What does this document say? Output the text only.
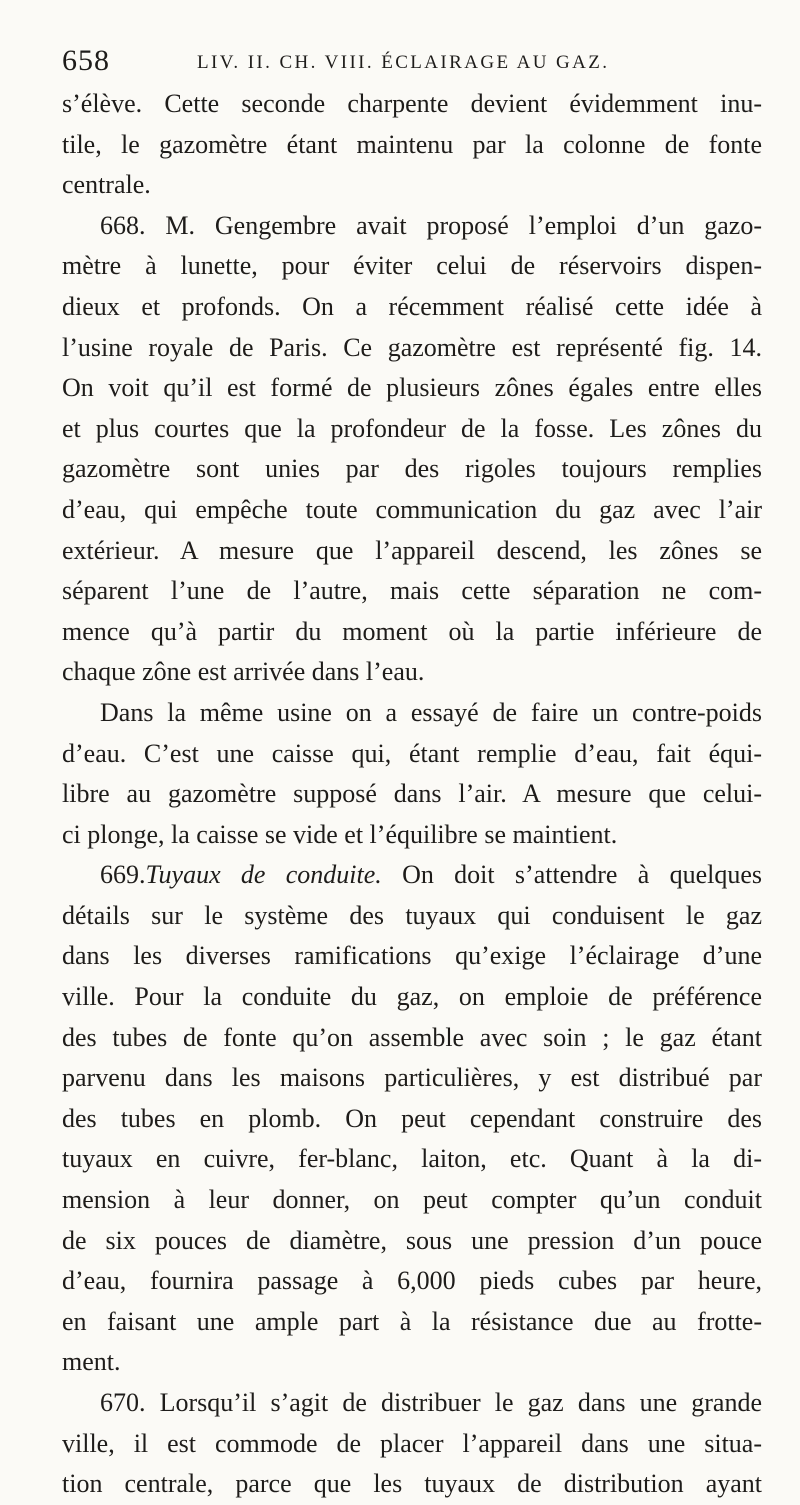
658	LIV. II. CH. VIII. ÉCLAIRAGE AU GAZ.
s’élève. Cette seconde charpente devient évidemment inu-
tile, le gazomètre étant maintenu par la colonne de fonte
centrale.
668. M. Gengembre avait proposé l’emploi d’un gazo-
mètre à lunette, pour éviter celui de réservoirs dispen-
dieux et profonds. On a récemment réalisé cette idée à
l’usine royale de Paris. Ce gazomètre est représenté fig. 14.
On voit qu’il est formé de plusieurs zônes égales entre elles
et plus courtes que la profondeur de la fosse. Les zônes du
gazomètre sont unies par des rigoles toujours remplies
d’eau, qui empêche toute communication du gaz avec l’air
extérieur. A mesure que l’appareil descend, les zônes se
séparent l’une de l’autre, mais cette séparation ne com-
mence qu’à partir du moment où la partie inférieure de
chaque zône est arrivée dans l’eau.
Dans la même usine on a essayé de faire un contre-poids
d’eau. C’est une caisse qui, étant remplie d’eau, fait équi-
libre au gazomètre supposé dans l’air. A mesure que celui-
ci plonge, la caisse se vide et l’équilibre se maintient.
669.Tuyaux de conduite. On doit s’attendre à quelques
détails sur le système des tuyaux qui conduisent le gaz
dans les diverses ramifications qu’exige l’éclairage d’une
ville. Pour la conduite du gaz, on emploie de préférence
des tubes de fonte qu’on assemble avec soin ; le gaz étant
parvenu dans les maisons particulières, y est distribué par
des tubes en plomb. On peut cependant construire des
tuyaux en cuivre, fer-blanc, laiton, etc. Quant à la di-
mension à leur donner, on peut compter qu’un conduit
de six pouces de diamètre, sous une pression d’un pouce
d’eau, fournira passage à 6,000 pieds cubes par heure,
en faisant une ample part à la résistance due au frotte-
ment.
670. Lorsqu’il s’agit de distribuer le gaz dans une grande
ville, il est commode de placer l’appareil dans une situa-
tion centrale, parce que les tuyaux de distribution ayant
